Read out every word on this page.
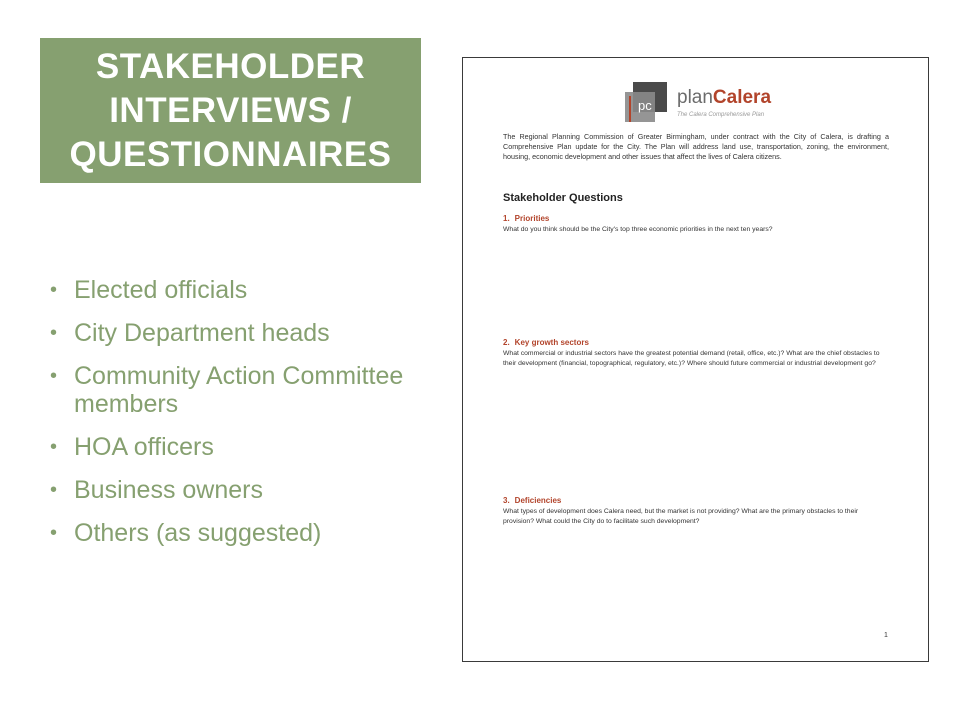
STAKEHOLDER
INTERVIEWS /
QUESTIONNAIRES
• Elected officials
• City Department heads
• Community Action Committee members
• HOA officers
• Business owners
• Others (as suggested)
pc planCalera
The Calera Comprehensive Plan
The Regional Planning Commission of Greater Birmingham, under contract with the City of Calera, is drafting a Comprehensive Plan update for the City. The Plan will address land use, transportation, zoning, the environment, housing, economic development and other issues that affect the lives of Calera citizens.
Stakeholder Questions
1. Priorities
What do you think should be the City's top three economic priorities in the next ten years?
2. Key growth sectors
What commercial or industrial sectors have the greatest potential demand (retail, office, etc.)? What are the chief obstacles to their development (financial, topographical, regulatory, etc.)? Where should future commercial or industrial development go?
3. Deficiencies
What types of development does Calera need, but the market is not providing? What are the primary obstacles to their provision? What could the City do to facilitate such development?
1
